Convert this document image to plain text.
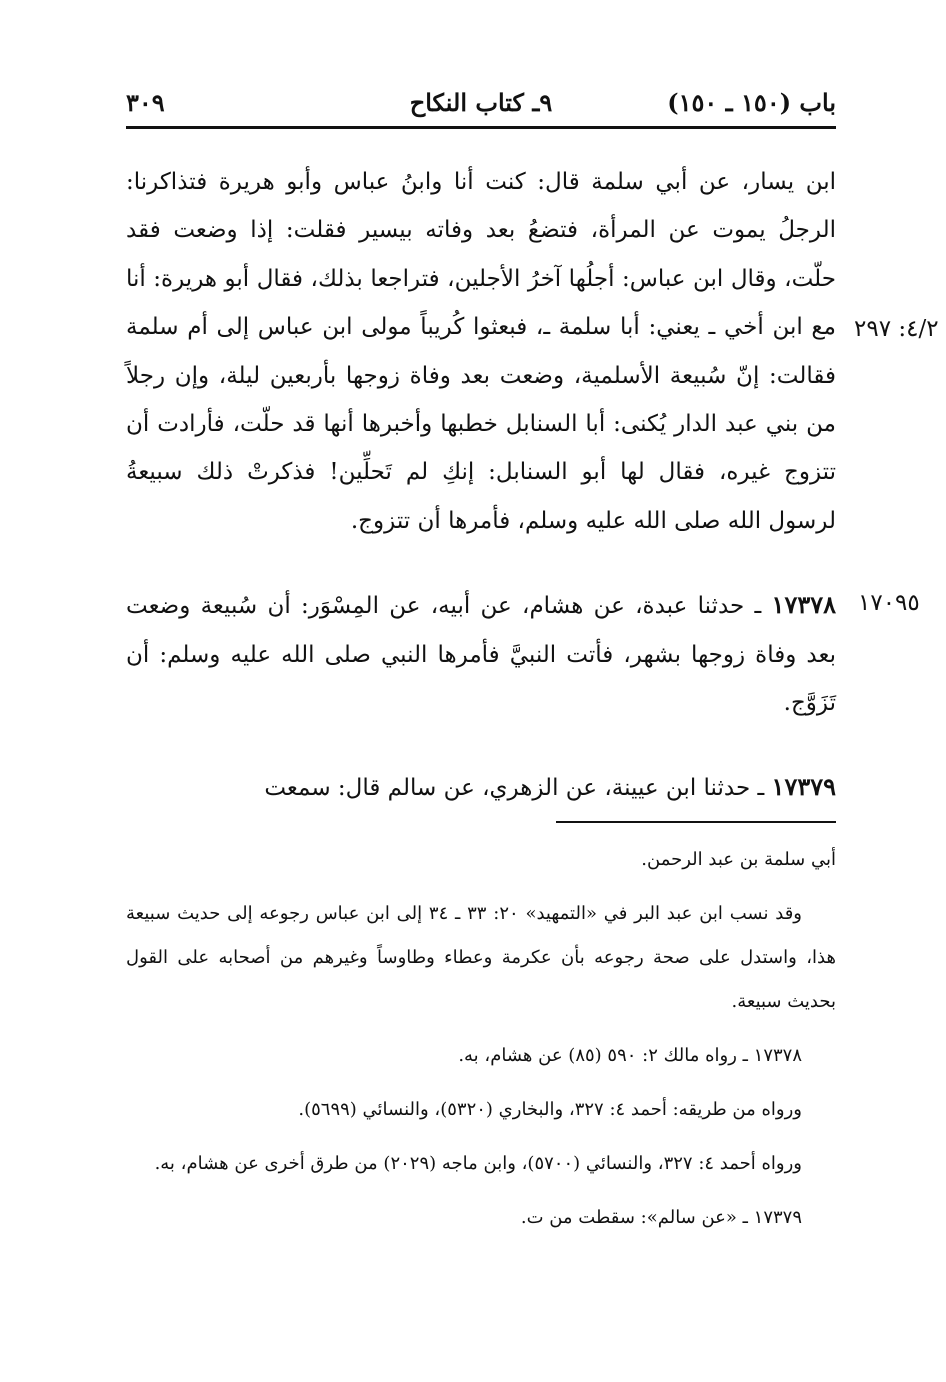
باب (١٥٠ ـ ١٥٠)
٩ـ كتاب النكاح
٣٠٩
٤/٢: ٢٩٧
١٧٠٩٥

ابن يسار، عن أبي سلمة قال: كنت أنا وابنُ عباس وأبو هريرة فتذاكرنا: الرجلُ يموت عن المرأة، فتضعُ بعد وفاته بيسير فقلت: إذا وضعت فقد حلّت، وقال ابن عباس: أجلُها آخرُ الأجلين، فتراجعا بذلك، فقال أبو هريرة: أنا مع ابن أخي ـ يعني: أبا سلمة ـ، فبعثوا كُريباً مولى ابن عباس إلى أم سلمة فقالت: إنّ سُبيعة الأسلمية، وضعت بعد وفاة زوجها بأربعين ليلة، وإن رجلاً من بني عبد الدار يُكنى: أبا السنابل خطبها وأخبرها أنها قد حلّت، فأرادت أن تتزوج غيره، فقال لها أبو السنابل: إنكِ لم تَحلِّين! فذكرتْ ذلك سبيعةُ لرسول الله صلى الله عليه وسلم، فأمرها أن تتزوج.

١٧٣٧٨ ـ حدثنا عبدة، عن هشام، عن أبيه، عن المِسْوَر: أن سُبيعة وضعت بعد وفاة زوجها بشهر، فأتت النبيَّ فأمرها النبي صلى الله عليه وسلم: أن تَزَوَّج.

١٧٣٧٩ ـ حدثنا ابن عيينة، عن الزهري، عن سالم قال: سمعت

أبي سلمة بن عبد الرحمن.

وقد نسب ابن عبد البر في «التمهيد» ٢٠: ٣٣ ـ ٣٤ إلى ابن عباس رجوعه إلى حديث سبيعة هذا، واستدل على صحة رجوعه بأن عكرمة وعطاء وطاوساً وغيرهم من أصحابه على القول بحديث سبيعة.

١٧٣٧٨ ـ رواه مالك ٢: ٥٩٠ (٨٥) عن هشام، به.

ورواه من طريقه: أحمد ٤: ٣٢٧، والبخاري (٥٣٢٠)، والنسائي (٥٦٩٩).

ورواه أحمد ٤: ٣٢٧، والنسائي (٥٧٠٠)، وابن ماجه (٢٠٢٩) من طرق أخرى عن هشام، به.

١٧٣٧٩ ـ «عن سالم»: سقطت من ت.
